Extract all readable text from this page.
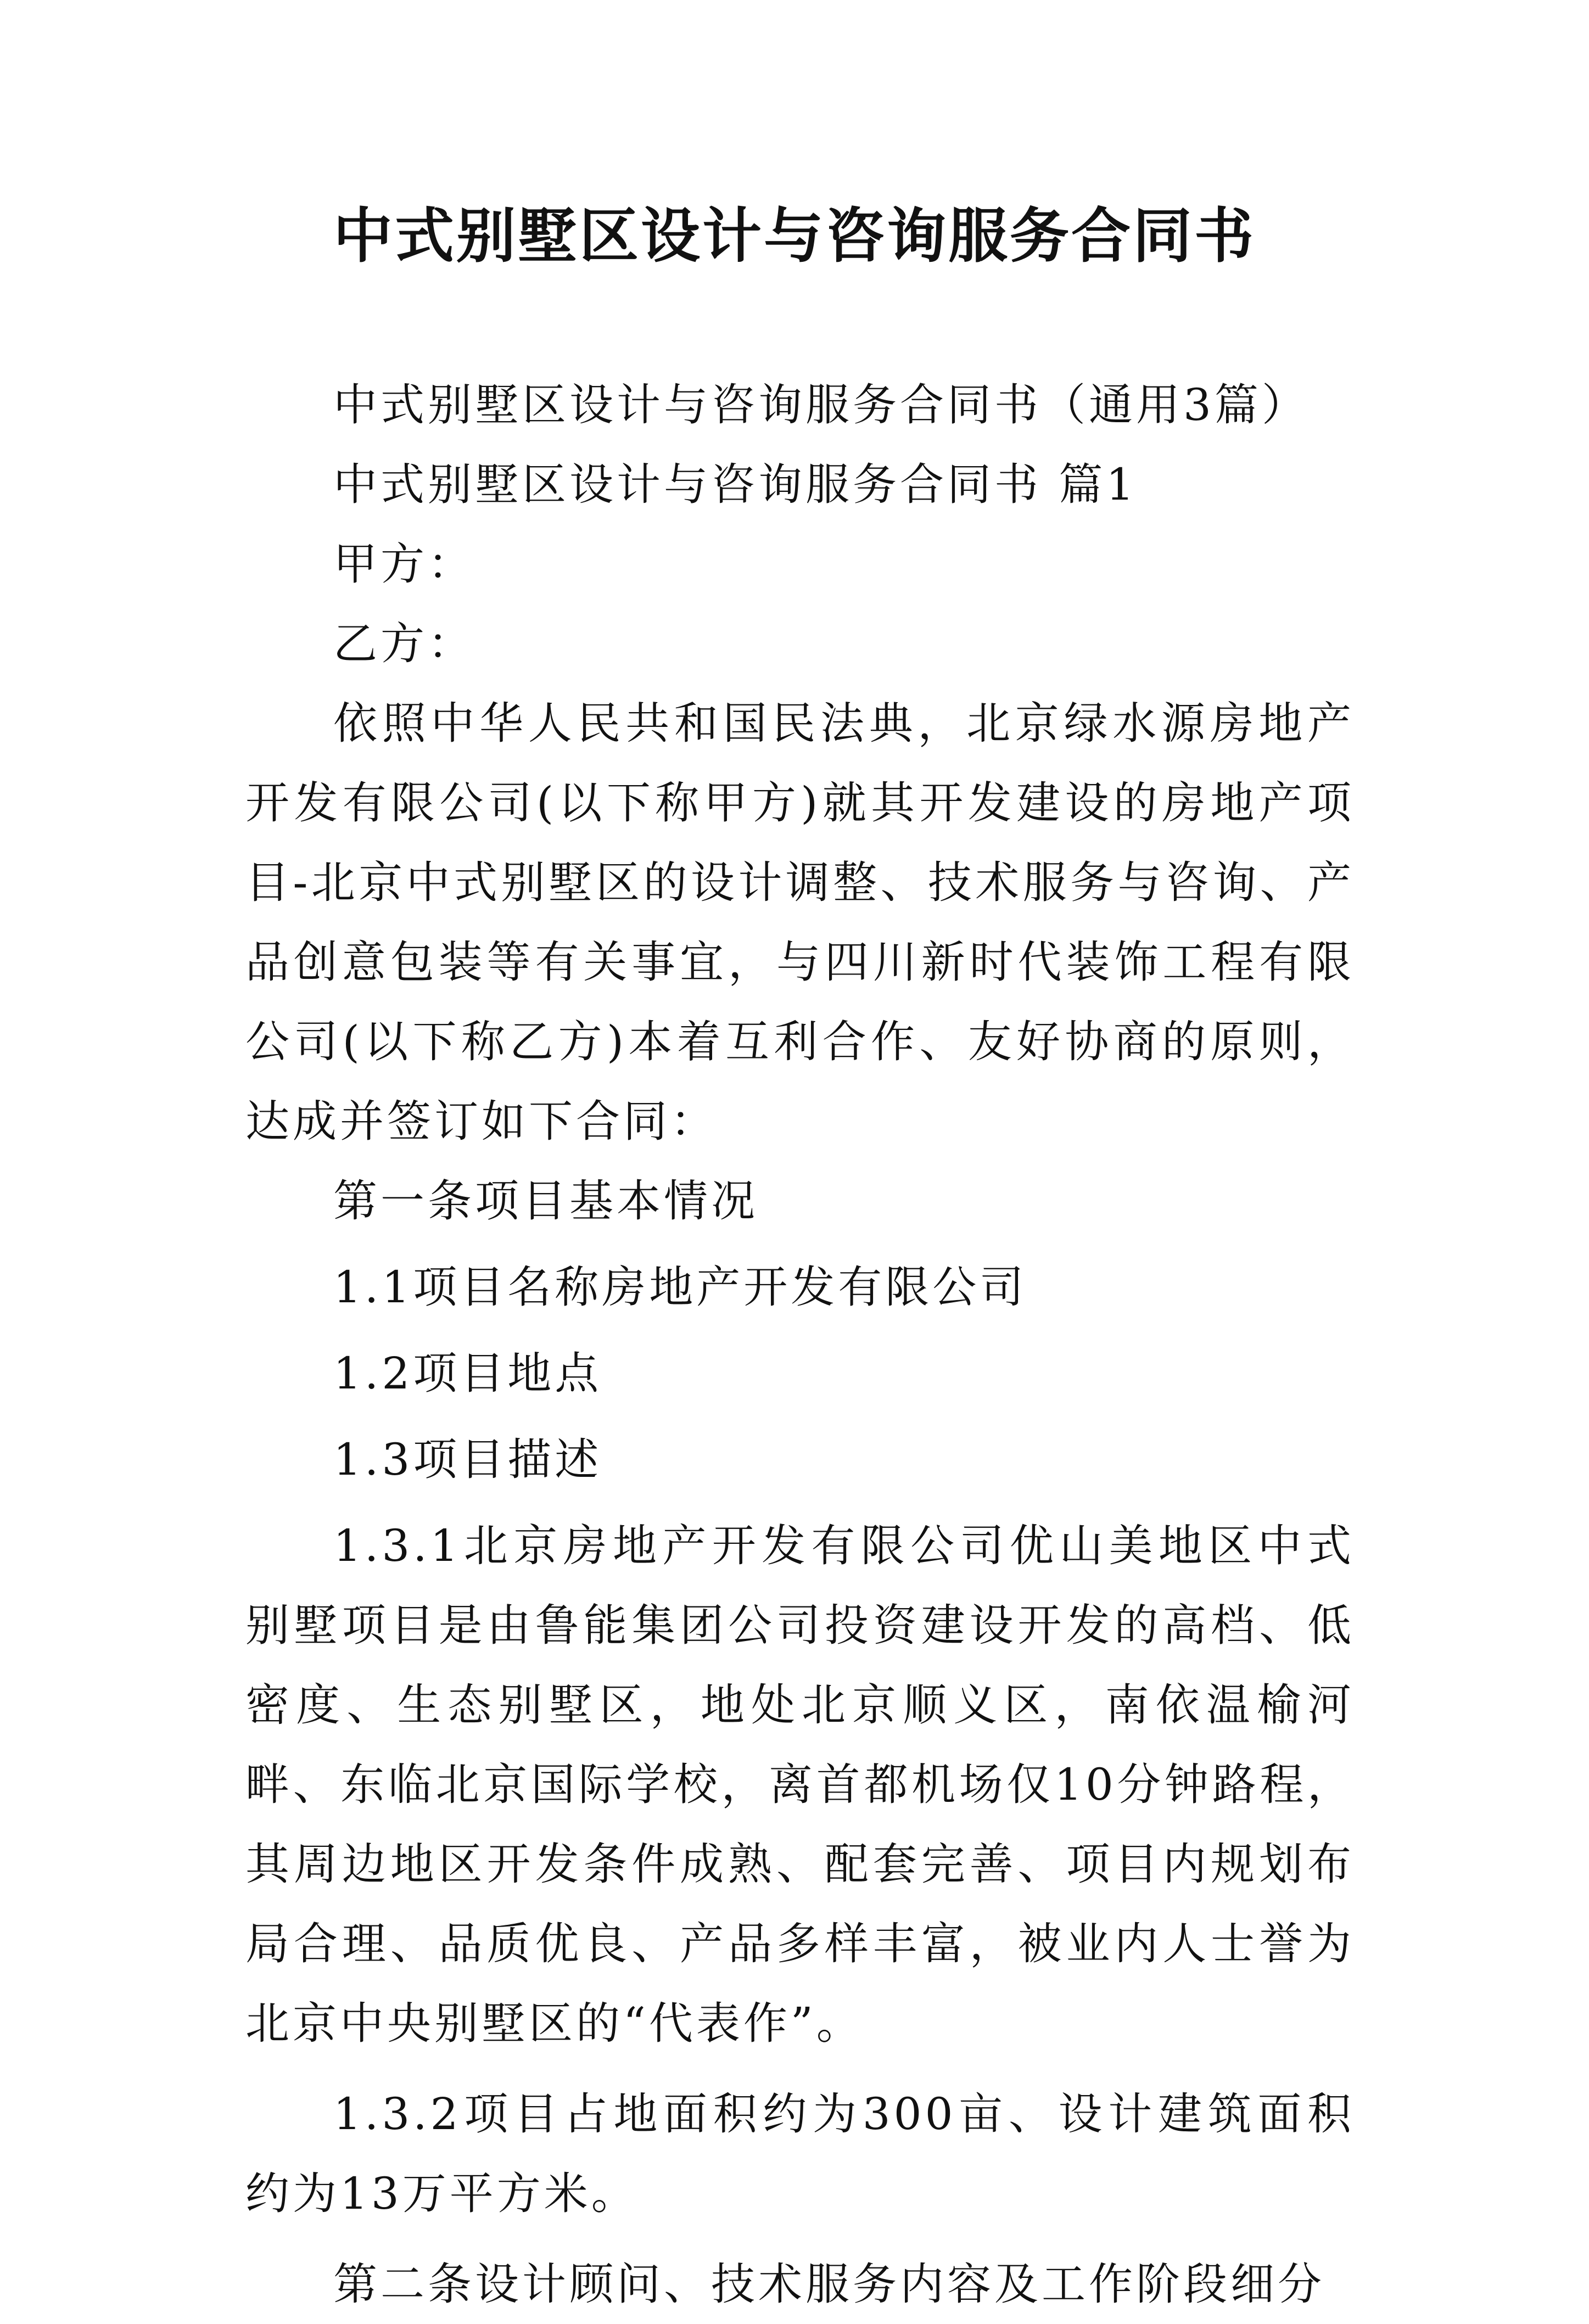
中式别墅区设计与咨询服务合同书

中式别墅区设计与咨询服务合同书（通用3篇）

中式别墅区设计与咨询服务合同书 篇1

甲方：

乙方：

依照中华人民共和国民法典，北京绿水源房地产开发有限公司(以下称甲方)就其开发建设的房地产项目-北京中式别墅区的设计调整、技术服务与咨询、产品创意包装等有关事宜，与四川新时代装饰工程有限公司(以下称乙方)本着互利合作、友好协商的原则，达成并签订如下合同：

第一条项目基本情况

1.1项目名称房地产开发有限公司

1.2项目地点

1.3项目描述

1.3.1北京房地产开发有限公司优山美地区中式别墅项目是由鲁能集团公司投资建设开发的高档、低密度、生态别墅区，地处北京顺义区，南依温榆河畔、东临北京国际学校，离首都机场仅10分钟路程，其周边地区开发条件成熟、配套完善、项目内规划布局合理、品质优良、产品多样丰富，被业内人士誉为北京中央别墅区的“代表作”。

1.3.2项目占地面积约为300亩、设计建筑面积约为13万平方米。

第二条设计顾问、技术服务内容及工作阶段细分
